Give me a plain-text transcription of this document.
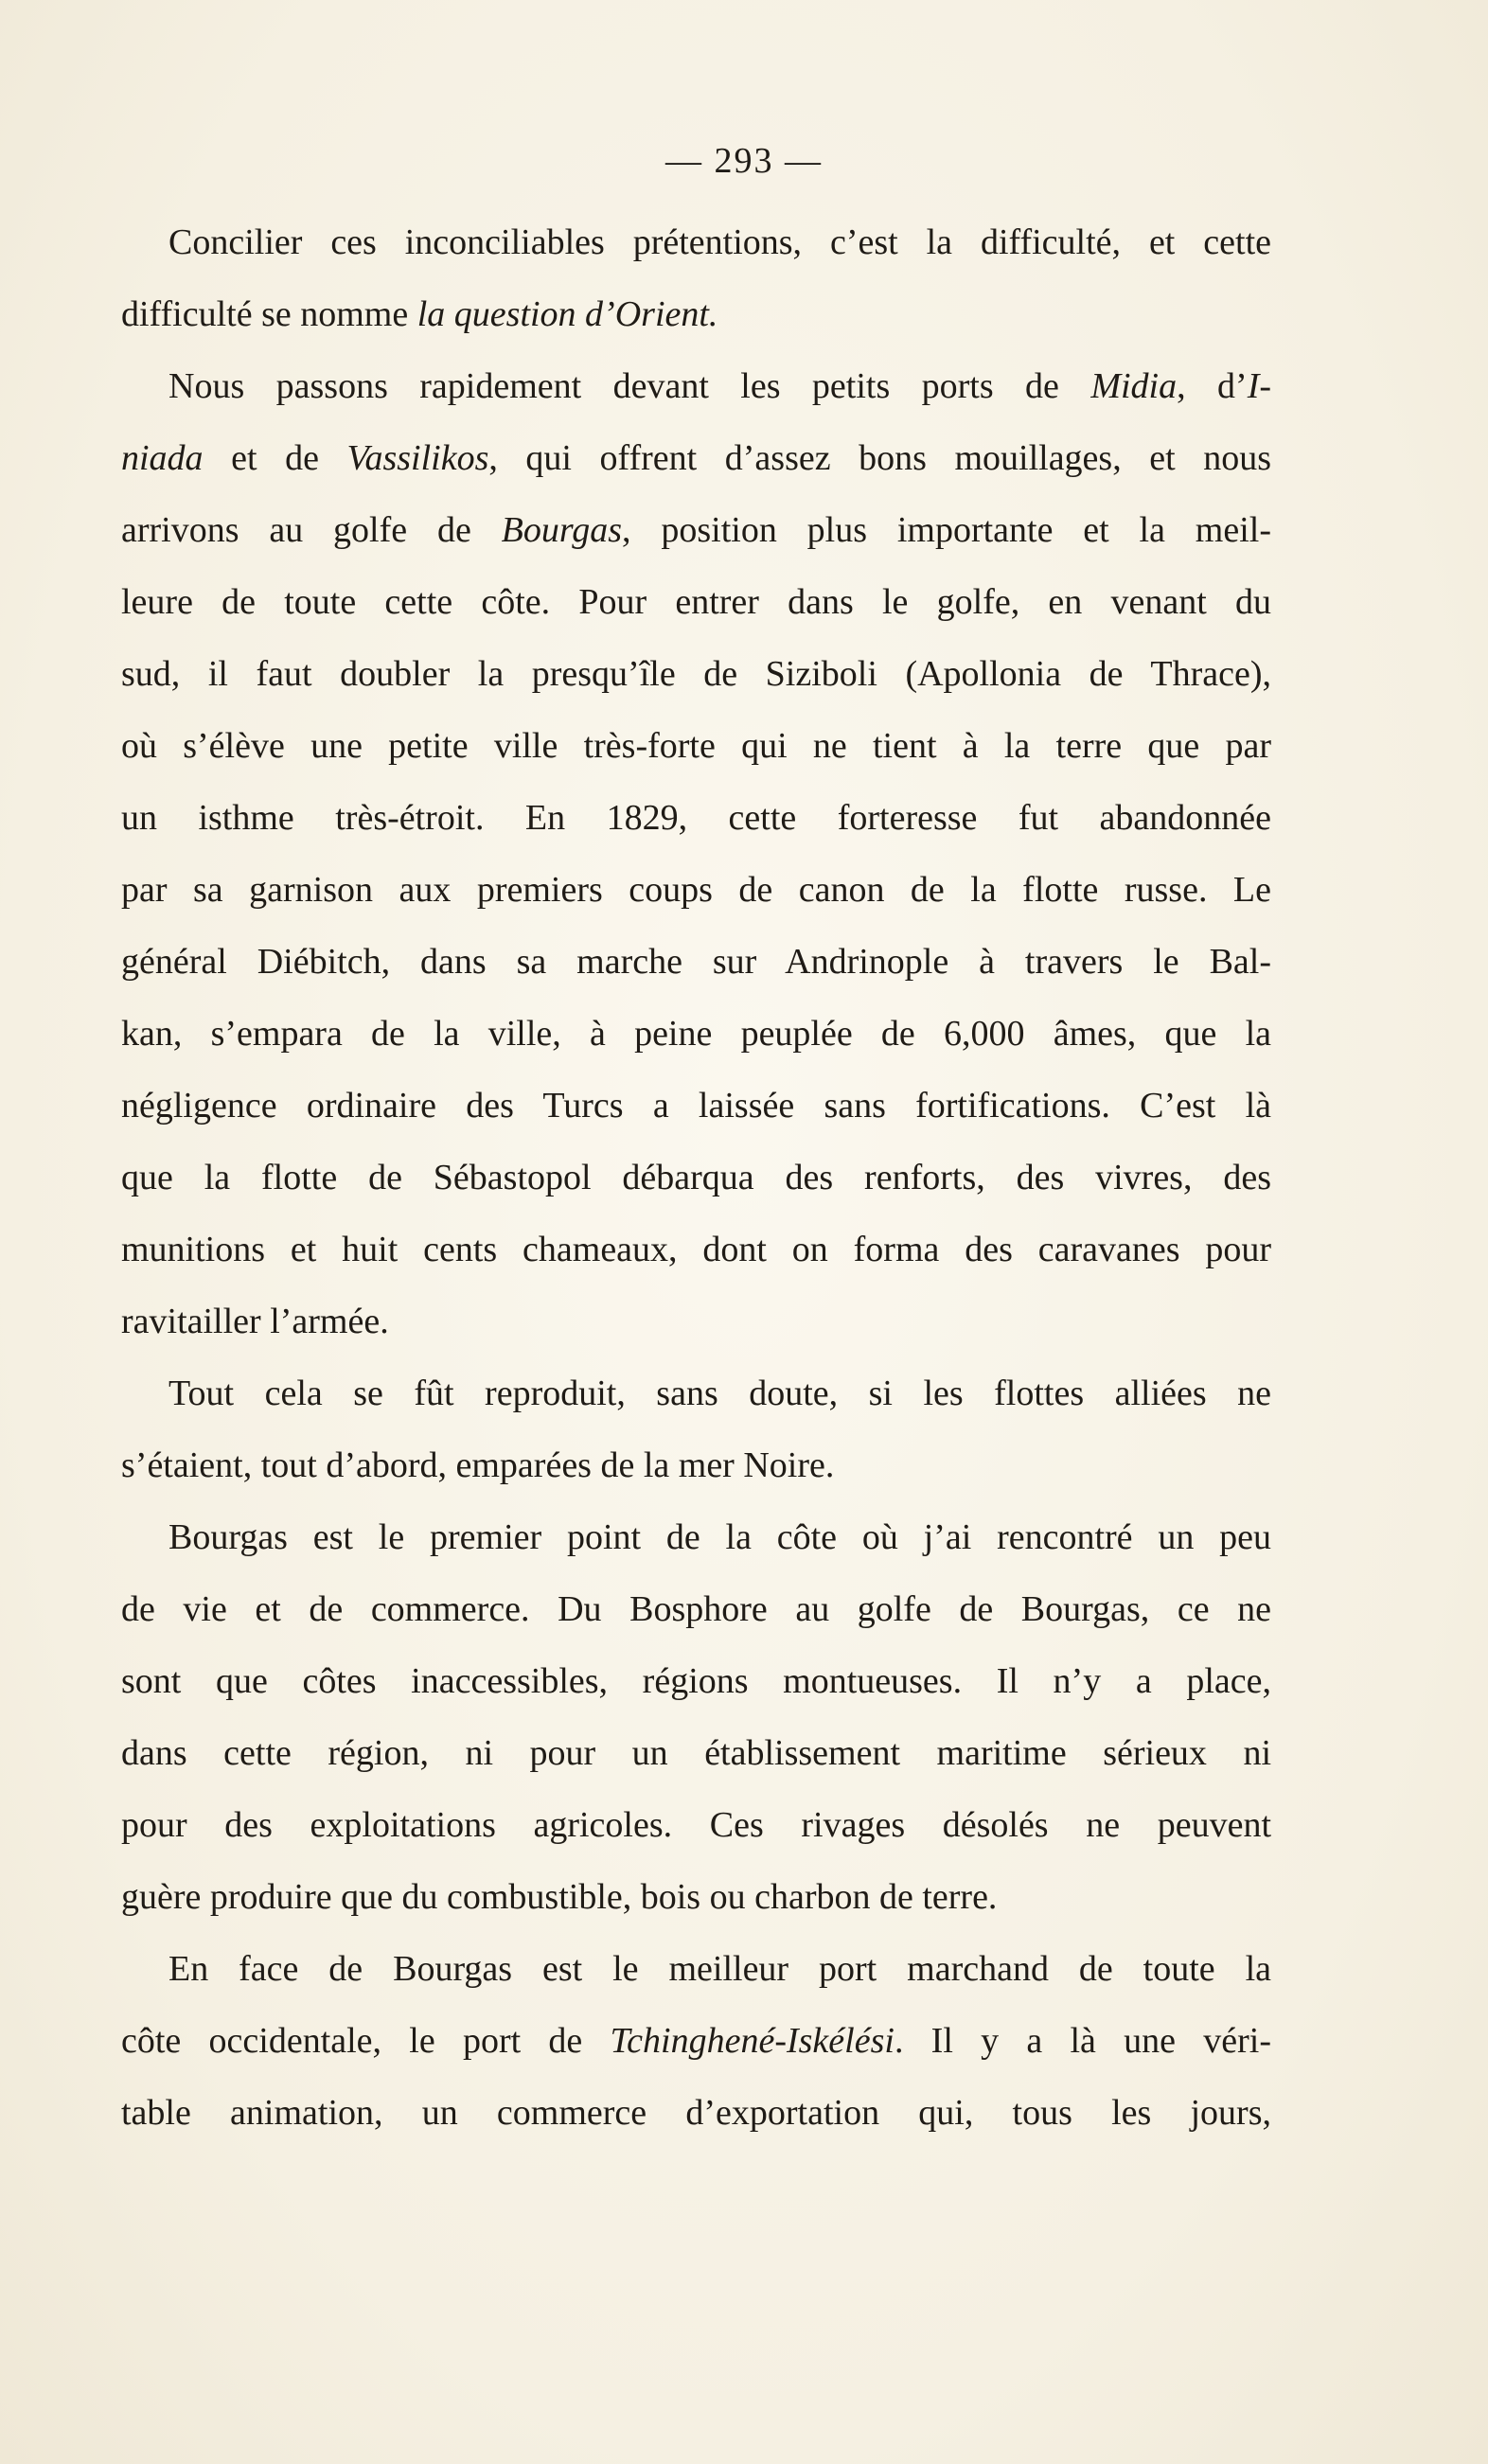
— 293 —
Concilier ces inconciliables prétentions, c’est la difficulté, et cette
difficulté se nomme la question d’Orient.
Nous passons rapidement devant les petits ports de Midia, d’I-
niada et de Vassilikos, qui offrent d’assez bons mouillages, et nous
arrivons au golfe de Bourgas, position plus importante et la meil-
leure de toute cette côte. Pour entrer dans le golfe, en venant du
sud, il faut doubler la presqu’île de Siziboli (Apollonia de Thrace),
où s’élève une petite ville très-forte qui ne tient à la terre que par
un isthme très-étroit. En 1829, cette forteresse fut abandonnée
par sa garnison aux premiers coups de canon de la flotte russe. Le
général Diébitch, dans sa marche sur Andrinople à travers le Bal-
kan, s’empara de la ville, à peine peuplée de 6,000 âmes, que la
négligence ordinaire des Turcs a laissée sans fortifications. C’est là
que la flotte de Sébastopol débarqua des renforts, des vivres, des
munitions et huit cents chameaux, dont on forma des caravanes pour
ravitailler l’armée.
Tout cela se fût reproduit, sans doute, si les flottes alliées ne
s’étaient, tout d’abord, emparées de la mer Noire.
Bourgas est le premier point de la côte où j’ai rencontré un peu
de vie et de commerce. Du Bosphore au golfe de Bourgas, ce ne
sont que côtes inaccessibles, régions montueuses. Il n’y a place,
dans cette région, ni pour un établissement maritime sérieux ni
pour des exploitations agricoles. Ces rivages désolés ne peuvent
guère produire que du combustible, bois ou charbon de terre.
En face de Bourgas est le meilleur port marchand de toute la
côte occidentale, le port de Tchinghené-Iskélési. Il y a là une véri-
table animation, un commerce d’exportation qui, tous les jours,
